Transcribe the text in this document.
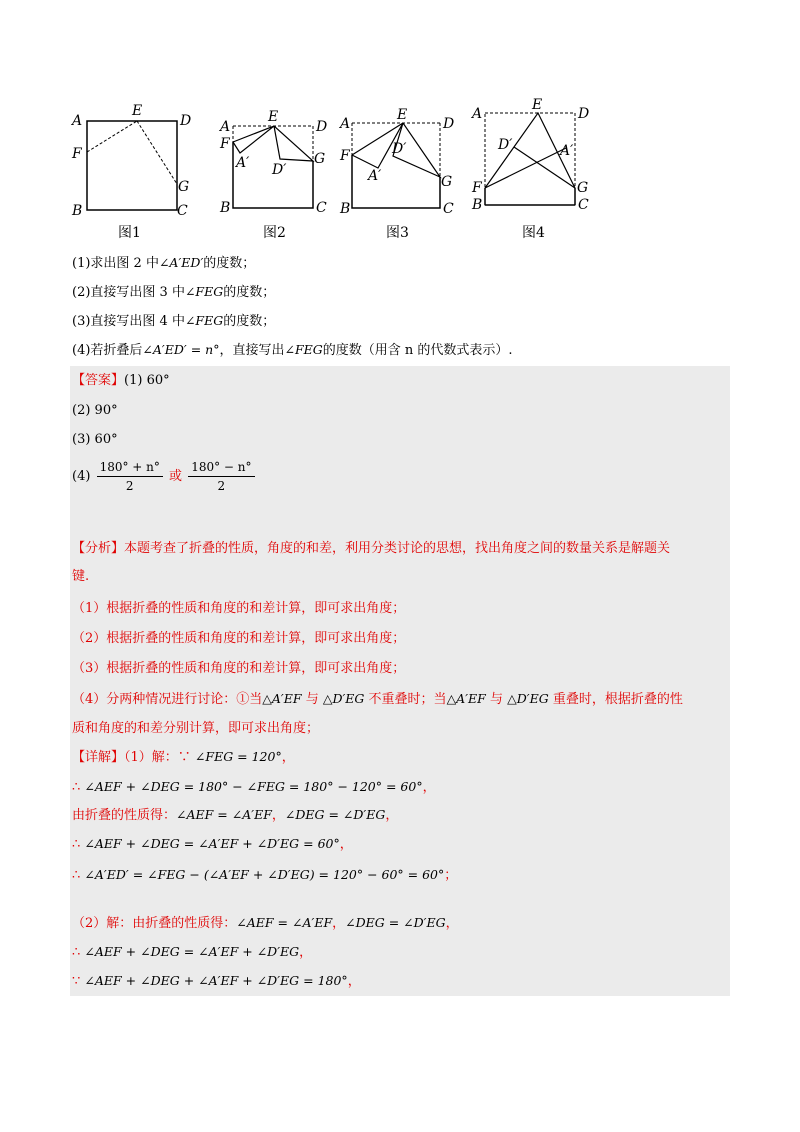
A
E
D
F
G
B	C
图1
A
E
D
F
G
B	C
A′ D′
图2
A
E
D
F
G
B	C
A′
D′
图3
A
E
D
F	G
B	C
A′
D′
图4
(1)求出图 2 中∠A′ED′的度数；
(2)直接写出图 3 中∠FEG的度数；
(3)直接写出图 4 中∠FEG的度数；
(4)若折叠后∠A′ED′ = n°，直接写出∠FEG的度数（用含 n 的代数式表示）.
【答案】(1) 60°
(2) 90°
(3) 60°
$(4) \frac{180^\circ + n^\circ}{2}$ 或 $\frac{180^\circ - n^\circ}{2}$
【分析】本题考查了折叠的性质，角度的和差，利用分类讨论的思想，找出角度之间的数量关系是解题关
键.
（1）根据折叠的性质和角度的和差计算，即可求出角度；
（2）根据折叠的性质和角度的和差计算，即可求出角度；
（3）根据折叠的性质和角度的和差计算，即可求出角度；
（4）分两种情况进行讨论：①当△A′EF 与 △D′EG 不重叠时；当△A′EF 与 △D′EG 重叠时，根据折叠的性
质和角度的和差分别计算，即可求出角度；
【详解】（1）解：∵ ∠FEG = 120°，
∴ ∠AEF + ∠DEG = 180° − ∠FEG = 180° − 120° = 60°，
由折叠的性质得：∠AEF = ∠A′EF，∠DEG = ∠D′EG，
∴ ∠AEF + ∠DEG = ∠A′EF + ∠D′EG = 60°，
∴ ∠A′ED′ = ∠FEG − (∠A′EF + ∠D′EG) = 120° − 60° = 60°；
（2）解：由折叠的性质得：∠AEF = ∠A′EF，∠DEG = ∠D′EG，
∴ ∠AEF + ∠DEG = ∠A′EF + ∠D′EG，
∵ ∠AEF + ∠DEG + ∠A′EF + ∠D′EG = 180°，
